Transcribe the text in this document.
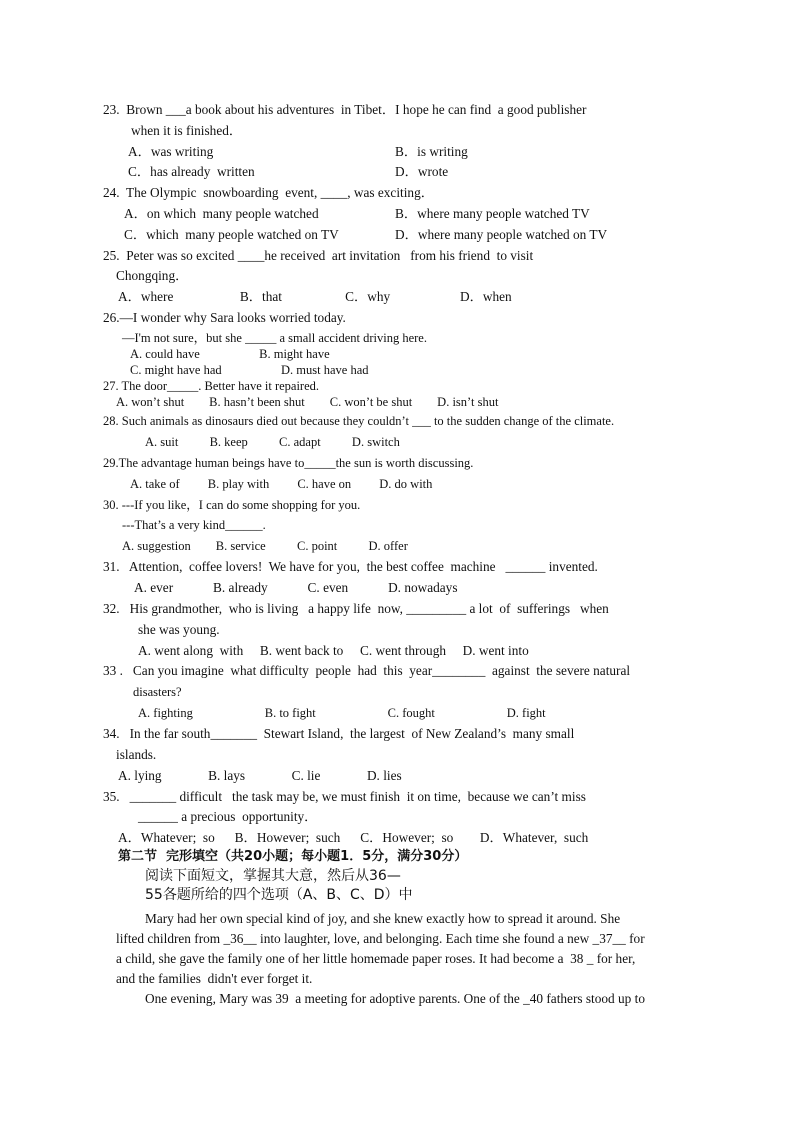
23.  Brown ___a book about his adventures  in Tibet．I hope he can find  a good publisher
when it is finished．
A．was writing	B．is writing
C．has already  written	D．wrote
24.  The Olympic  snowboarding  event, ____, was exciting．
A．on which  many people watched	B．where many people watched TV
C．which  many people watched on TV	D．where many people watched on TV
25.  Peter was so excited ____he received  art invitation   from his friend  to visit
Chongqing．
A．where                    B．that                   C．why                     D．when
26.—I wonder why Sara looks worried today.
—I'm not sure，but she _____ a small accident driving here.
A. could have                   B. might have
C. might have had                   D. must have had
27. The door_____. Better have it repaired.
A. won’t shut        B. hasn’t been shut        C. won’t be shut        D. isn’t shut
28. Such animals as dinosaurs died out because they couldn’t ___ to the sudden change of the climate.
A. suit          B. keep          C. adapt          D. switch
29.The advantage human beings have to_____the sun is worth discussing.
A. take of         B. play with         C. have on         D. do with
30. ---If you like，I can do some shopping for you.
---That’s a very kind______.
A. suggestion        B. service          C. point          D. offer
31.   Attention,  coffee lovers!  We have for you,  the best coffee  machine   ______ invented.
A. ever            B. already            C. even            D. nowadays
32.   His grandmother,  who is living   a happy life  now, _________ a lot  of  sufferings   when
she was young.
A. went along  with     B. went back to     C. went through     D. went into
33 .   Can you imagine  what difficulty  people  had  this  year________  against  the severe natural
disasters?
A. fighting                       B. to fight                       C. fought                       D. fight
34.   In the far south_______  Stewart Island,  the largest  of New Zealand’s  many small
islands.
A. lying              B. lays              C. lie              D. lies
35.   _______ difficult   the task may be, we must finish  it on time,  because we can’t miss
______ a precious  opportunity．
A．Whatever;  so      B．However;  such      C．However;  so        D．Whatever,  such
第二节  完形填空（共20小题；每小题1．5分，满分30分）
阅读下面短文，掌握其大意，然后从36—
55各题所给的四个选项（A、B、C、D）中
Mary had her own special kind of joy, and she knew exactly how to spread it around. She
lifted children from _36__ into laughter, love, and belonging. Each time she found a new _37__ for
a child, she gave the family one of her little homemade paper roses. It had become a  38 _ for her,
and the families  didn't ever forget it.
One evening, Mary was 39  a meeting for adoptive parents. One of the _40 fathers stood up to
